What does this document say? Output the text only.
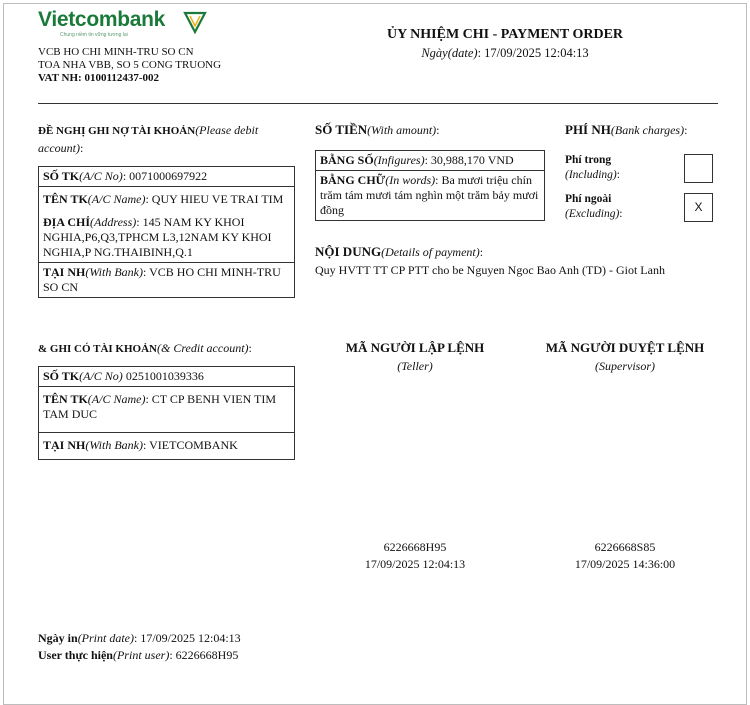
Vietcombank
Chung niềm tin vững tương lai
VCB HO CHI MINH-TRU SO CN
TOA NHA VBB, SO 5 CONG TRUONG
VAT NH: 0100112437-002
ỦY NHIỆM CHI - PAYMENT ORDER
Ngày(date): 17/09/2025 12:04:13
ĐỀ NGHỊ GHI NỢ TÀI KHOẢN(Please debit account):
SỐ TK(A/C No): 0071000697922
TÊN TK(A/C Name): QUY HIEU VE TRAI TIM
ĐỊA CHỈ(Address): 145 NAM KY KHOI NGHIA,P6,Q3,TPHCM L3,12NAM KY KHOI NGHIA,P NG.THAIBINH,Q.1
TẠI NH(With Bank): VCB HO CHI MINH-TRU SO CN
& GHI CÓ TÀI KHOẢN(& Credit account):
SỐ TK(A/C No) 0251001039336
TÊN TK(A/C Name): CT CP BENH VIEN TIM TAM DUC
TẠI NH(With Bank): VIETCOMBANK
SỐ TIỀN(With amount):
BẰNG SỐ(Infigures): 30,988,170 VND
BẰNG CHỮ(In words): Ba mươi triệu chín trăm tám mươi tám nghìn một trăm bảy mươi đồng
PHÍ NH(Bank charges):
Phí trong
(Including):
Phí ngoài
(Excluding):	X
NỘI DUNG(Details of payment):
Quy HVTT TT CP PTT cho be Nguyen Ngoc Bao Anh (TD) - Giot Lanh
MÃ NGƯỜI LẬP LỆNH
(Teller)
6226668H95
17/09/2025 12:04:13
MÃ NGƯỜI DUYỆT LỆNH
(Supervisor)
6226668S85
17/09/2025 14:36:00
Ngày in(Print date): 17/09/2025 12:04:13
User thực hiện(Print user): 6226668H95
